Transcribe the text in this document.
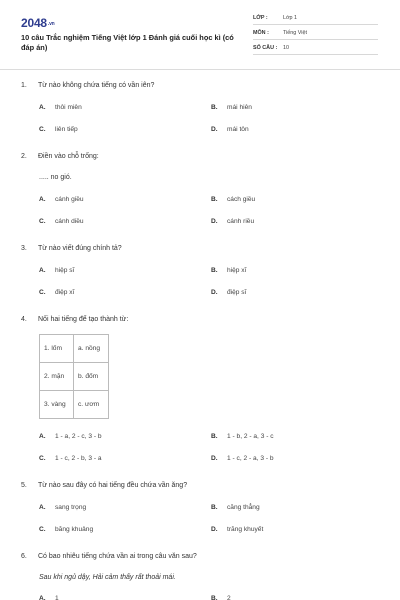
2048.vn
10 câu Trắc nghiệm Tiếng Việt lớp 1 Đánh giá cuối học kì (có đáp án)
LỚP :	Lớp 1
MÔN :	Tiếng Việt
SỐ CÂU : 10
1. Từ nào không chứa tiếng có vần iên?
A. thôi miên	B. mái hiên
C. liên tiếp	D. mái tôn
2. Điền vào chỗ trống:
..... no gió.
A. cánh giều	B. cách giều
C. cánh diều	D. cánh riều
3. Từ nào viết đúng chính tả?
A. hiệp sĩ	B. hiệp xĩ
C. điệp xĩ	D. điệp sĩ
4. Nối hai tiếng để tạo thành từ:
1. lốm	a. nồng
2. mặn	b. đốm
3. vàng	c. ươm
A. 1 - a, 2 - c, 3 - b	B. 1 - b, 2 - a, 3 - c
C. 1 - c, 2 - b, 3 - a	D. 1 - c, 2 - a, 3 - b
5. Từ nào sau đây có hai tiếng đều chứa vần ăng?
A. sang trọng	B. căng thẳng
C. băng khuâng	D. trăng khuyết
6. Có bao nhiêu tiếng chứa vần ai trong câu văn sau?
Sau khi ngủ dậy, Hải cảm thấy rất thoải mái.
A. 1	B. 2
